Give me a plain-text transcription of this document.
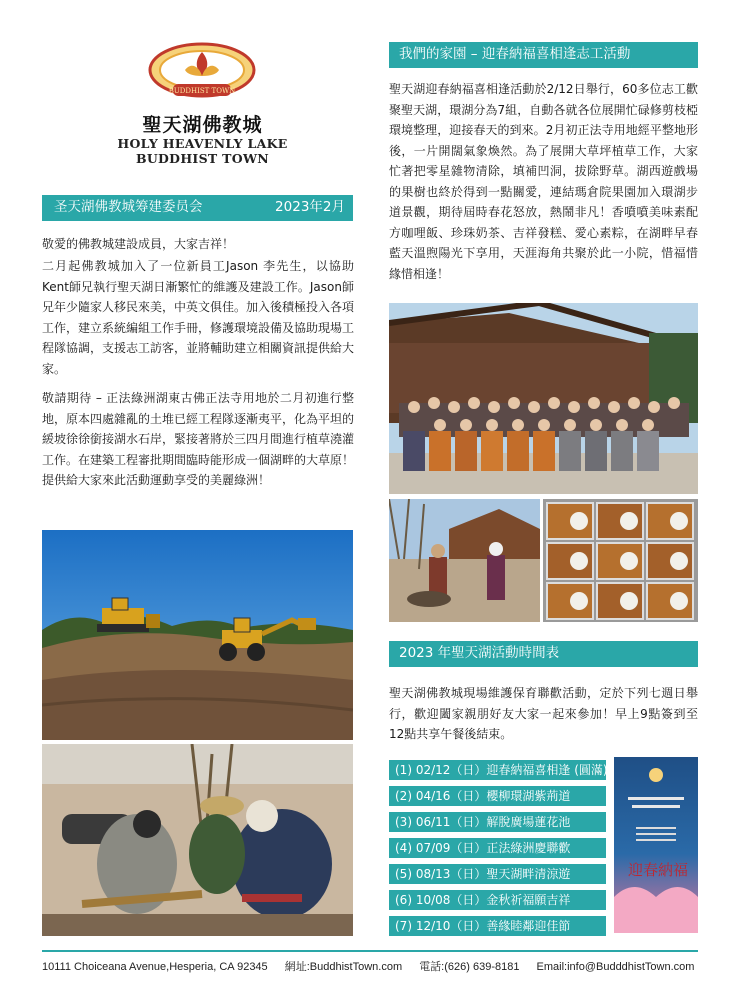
BUDDHIST TOWN
聖天湖佛教城
HOLY HEAVENLY LAKE
BUDDHIST TOWN
圣天湖佛教城筹建委员会	2023年2月
敬愛的佛教城建設成員，大家吉祥！
二月起佛教城加入了一位新員工Jason 李先生，以協助Kent師兄執行聖天湖日漸繁忙的維護及建設工作。Jason師兄年少隨家人移民來美，中英文俱佳。加入後積極投入各項工作，建立系統編組工作手冊，修護環境設備及協助現場工程隊協調，支援志工訪客，並將輔助建立相關資訊提供給大家。
敬請期待 – 正法綠洲湖東古佛正法寺用地於二月初進行整地，原本四處雜亂的土堆已經工程隊逐漸夷平，化為平坦的緩坡徐徐銜接湖水石岸，緊接著將於三四月間進行植草澆灌工作。在建築工程審批期間臨時能形成一個湖畔的大草原！提供給大家來此活動運動享受的美麗綠洲！
我們的家園 – 迎春納福喜相逢志工活動
聖天湖迎春納福喜相逢活動於2/12日舉行，60多位志工歡聚聖天湖，環湖分為7組，自動各就各位展開忙碌修剪枝椏環境整理，迎接春天的到來。2月初正法寺用地經平整地形後，一片開闊氣象煥然。為了展開大草坪植草工作，大家忙著把零星雜物清除，填補凹洞，拔除野草。湖西遊戲場的果樹也終於得到一點關愛，連結瑪倉院果園加入環湖步道景觀，期待屆時春花怒放，熱鬧非凡！香噴噴美味素配方咖哩飯、珍珠奶茶、吉祥發糕、愛心素粽，在湖畔早春藍天溫煦陽光下享用，天涯海角共聚於此一小院，惜福惜緣惜相逢！
2023 年聖天湖活動時間表
聖天湖佛教城現場維護保育聯歡活動，定於下列七週日舉行，歡迎闔家親朋好友大家一起來參加！早上9點簽到至12點共享午餐後結束。
(1) 02/12（日）迎春納福喜相逢 (圓滿)
(2) 04/16（日）櫻柳環湖紫荊道
(3) 06/11（日）解脫廣場蓮花池
(4) 07/09（日）正法綠洲慶聯歡
(5) 08/13（日）聖天湖畔清涼遊
(6) 10/08（日）金秋祈福願吉祥
(7) 12/10（日）善緣睦鄰迎佳節
迎春納福
10111 Choiceana Avenue,Hesperia, CA 92345 網址:BuddhistTown.com 電話:(626) 639-8181 Email:info@BudddhistTown.com
